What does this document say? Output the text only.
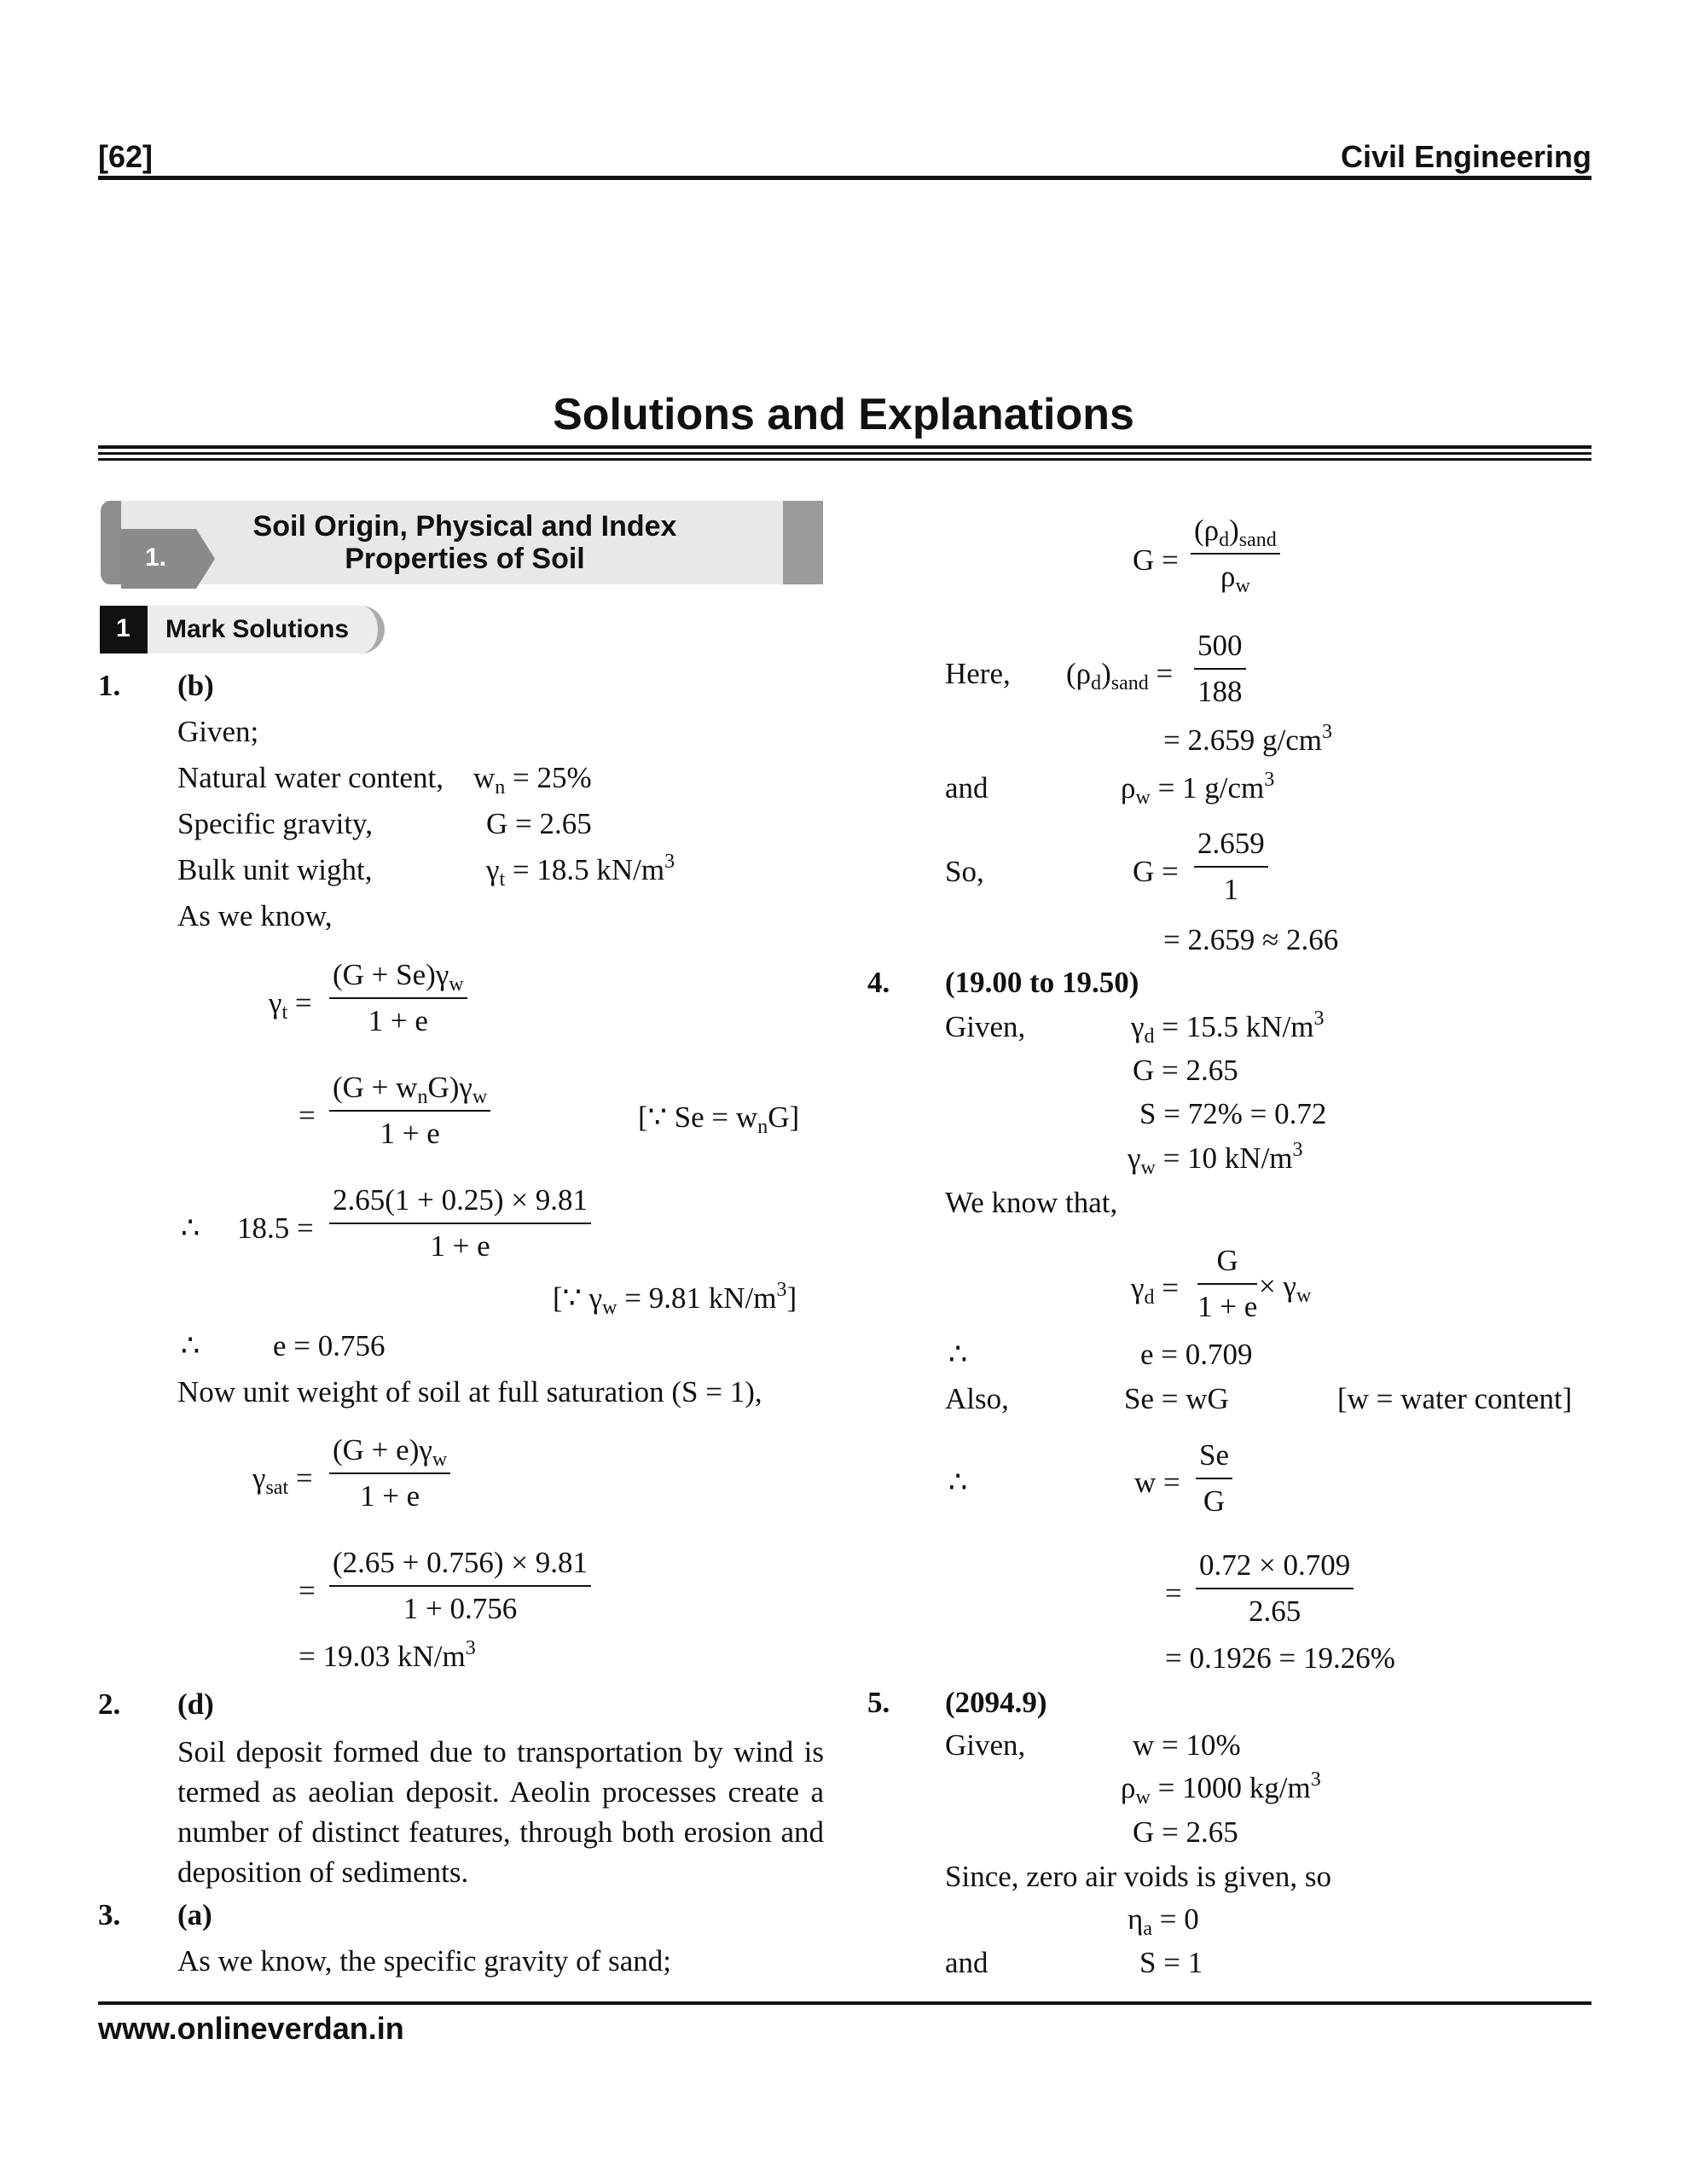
[62]	Civil Engineering
Solutions and Explanations
1.
Soil Origin, Physical and Index Properties of Soil
1 Mark Solutions
1. (b)
Given;
Natural water content, $w_n = 25\%$
Specific gravity,	G = 2.65
Bulk unit wight,	$\gamma_t = 18.5$ $kN/m^3$
As we know,
$\gamma_t = \frac{(G + Se)\gamma_w}{1 + e}$
=
$(G + w_nG)\gamma_w$
1 + e	[∵ $Se = w_nG$]
∴ $18.5 = \frac{2.65(1 + 0.25) \times 9.81}{1 + e}$
[∵ $\gamma_w = 9.81$ $kN/m^3$]
∴ e = 0.756
Now unit weight of soil at full saturation (S = 1),
$\gamma_{sat} = \frac{(G + e)\gamma_w}{1 + e}$
= $\frac{(2.65 + 0.756) \times 9.81}{1 + 0.756}$
= 19.03 $kN/m^3$
2. (d)
Soil deposit formed due to transportation by wind is termed as aeolian deposit. Aeolin processes create a number of distinct features, through both erosion and deposition of sediments.
3. (a)
As we know, the specific gravity of sand;
G =
$(\rho_d)_{sand}$
$\rho_w$
Here, $(\rho_d)_{sand} = \frac{500}{188}$
= 2.659 $g/cm^3$
and	$\rho_w = 1$ $g/cm^3$
So,	$G = \frac{2.659}{1}$
= 2.659 ≈ 2.66
4. (19.00 to 19.50)
Given,	$\gamma_d = 15.5$ $kN/m^3$
G = 2.65
S = 72% = 0.72
$\gamma_w = 10$ $kN/m^3$
We know that,
$\gamma_d = \frac{G}{1 + e} \times \gamma_w$
∴	e = 0.709
Also,	Se = wG	[w = water content]
∴	$w = \frac{Se}{G}$
= $\frac{0.72 \times 0.709}{2.65}$
= 0.1926 = 19.26%
5. (2094.9)
Given,	w = 10%
$\rho_w = 1000$ $kg/m^3$
G = 2.65
Since, zero air voids is given, so
$\eta_a = 0$
and	S = 1
www.onlineverdan.in
